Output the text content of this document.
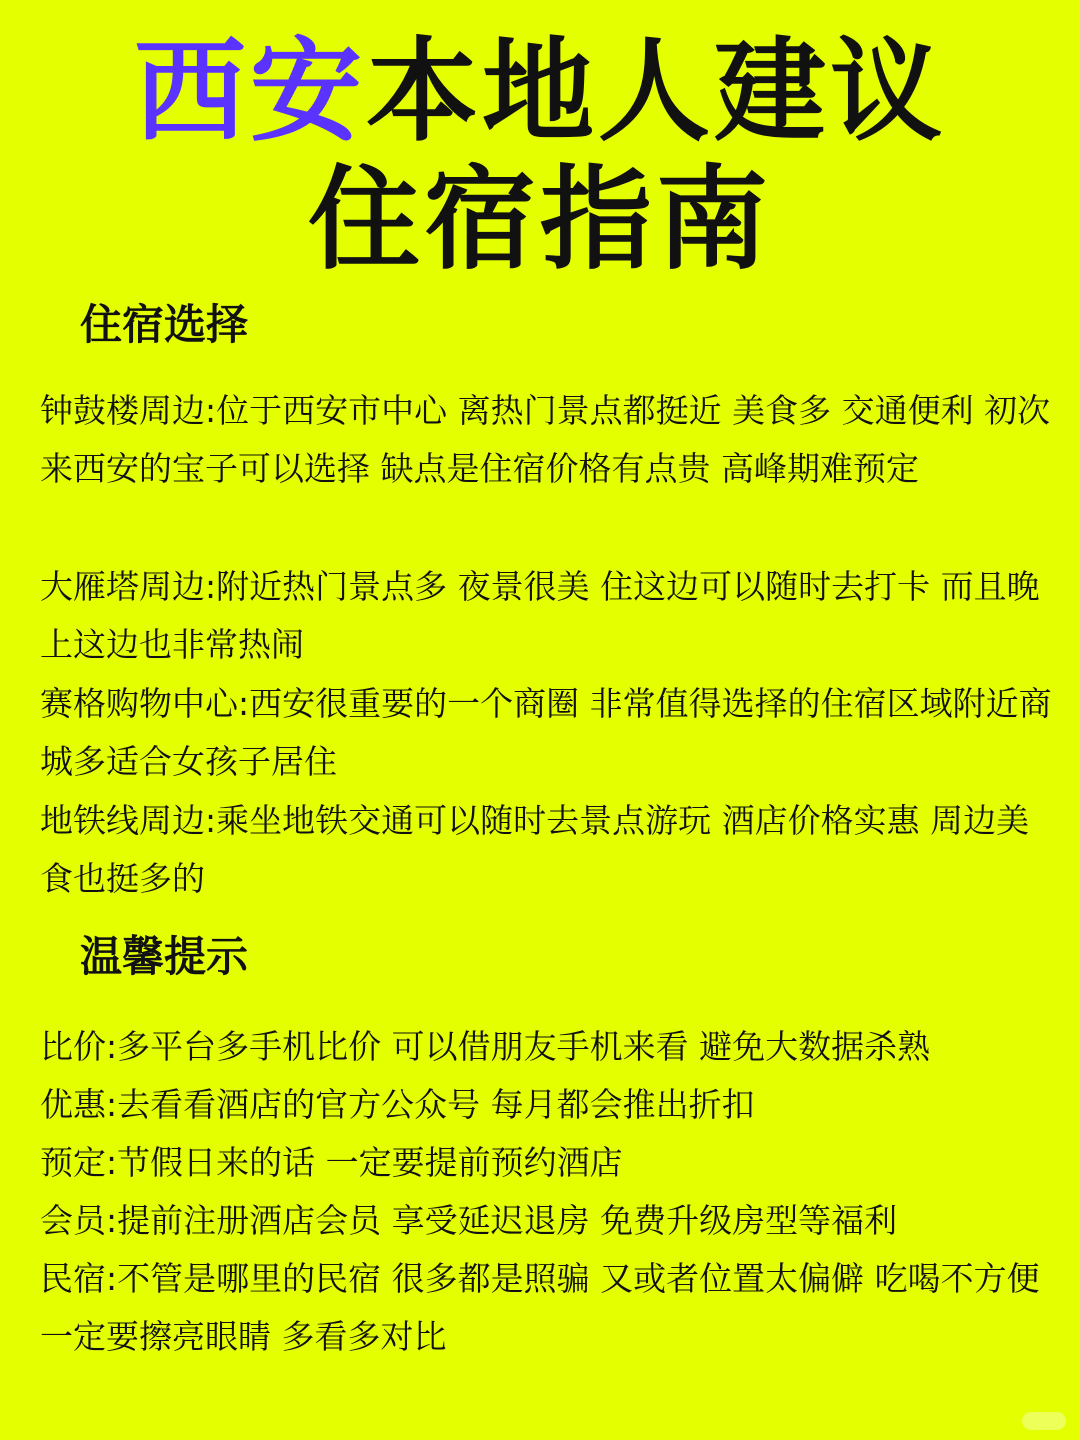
西安本地人建议
住宿指南
住宿选择

钟鼓楼周边:位于西安市中心 离热门景点都挺近 美食多 交通便利 初次来西安的宝子可以选择 缺点是住宿价格有点贵 高峰期难预定

大雁塔周边:附近热门景点多 夜景很美 住这边可以随时去打卡 而且晚上这边也非常热闹

赛格购物中心:西安很重要的一个商圈 非常值得选择的住宿区域附近商城多适合女孩子居住

地铁线周边:乘坐地铁交通可以随时去景点游玩 酒店价格实惠 周边美食也挺多的

温馨提示

比价:多平台多手机比价 可以借朋友手机来看 避免大数据杀熟

优惠:去看看酒店的官方公众号 每月都会推出折扣

预定:节假日来的话 一定要提前预约酒店

会员:提前注册酒店会员 享受延迟退房 免费升级房型等福利

民宿:不管是哪里的民宿 很多都是照骗 又或者位置太偏僻 吃喝不方便一定要擦亮眼睛 多看多对比
